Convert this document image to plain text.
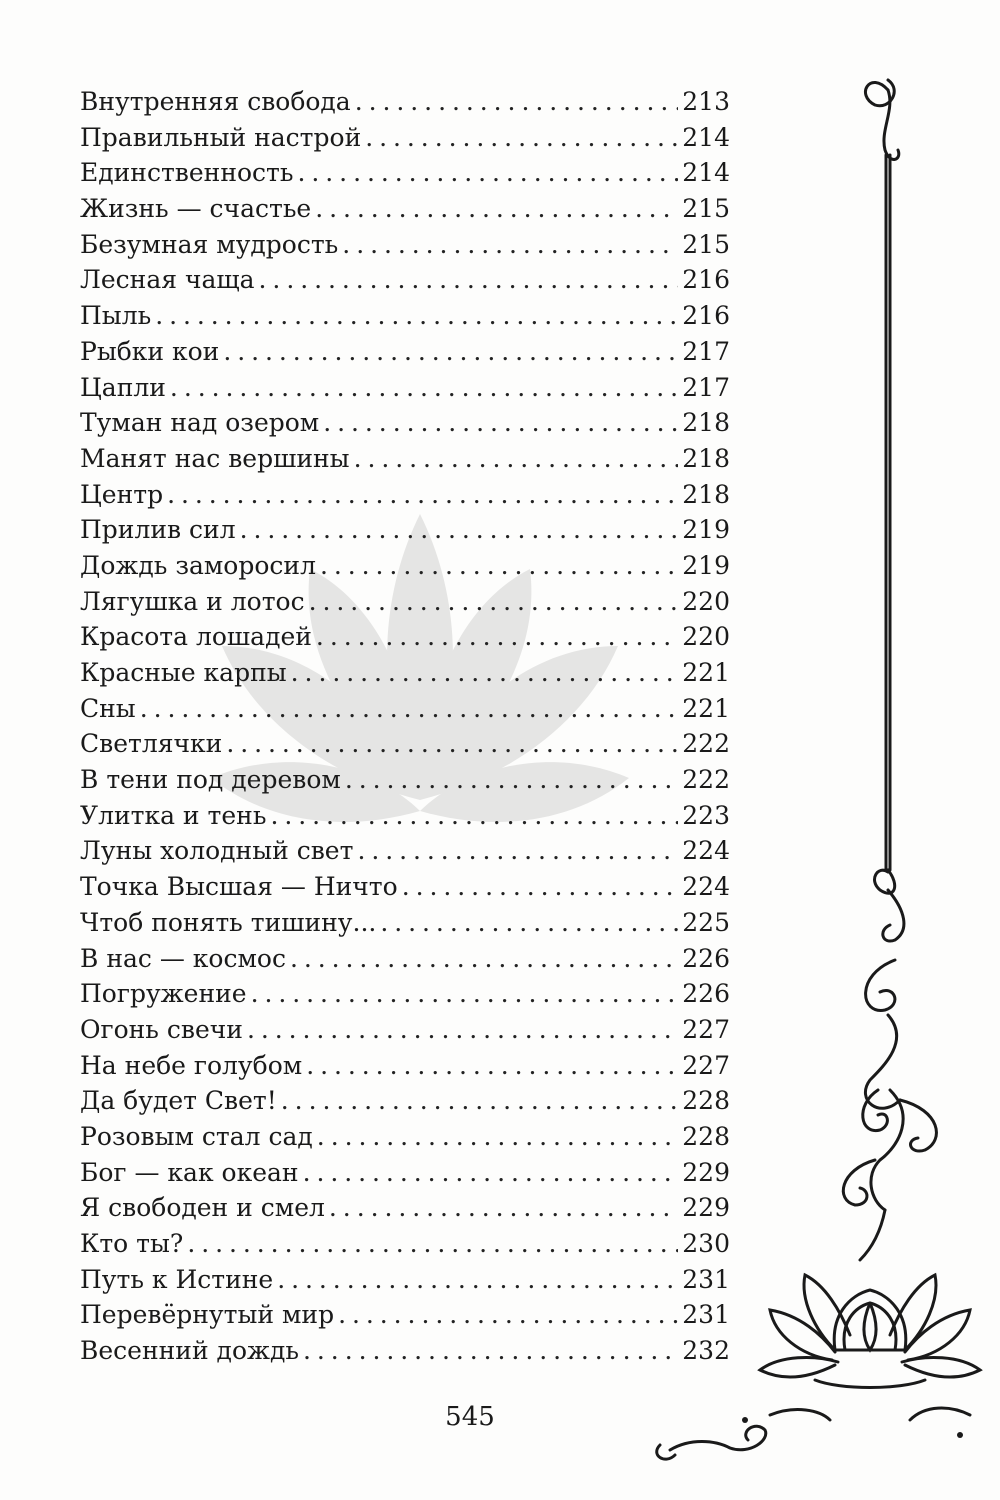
Внутренняя свобода . . .	213
Правильный настрой . . .	214
Единственность . . .	214
Жизнь — счастье . . .	215
Безумная мудрость . . .	215
Лесная чаща . . .	216
Пыль . . .	216
Рыбки кои . . .	217
Цапли . . .	217
Туман над озером . . .	218
Манят нас вершины . . .	218
Центр . . .	218
Прилив сил . . .	219
Дождь заморосил . . .	219
Лягушка и лотос . . .	220
Красота лошадей . . .	220
Красные карпы . . .	221
Сны . . .	221
Светлячки . . .	222
В тени под деревом . . .	222
Улитка и тень . . .	223
Луны холодный свет . . .	224
Точка Высшая — Ничто . . .	224
Чтоб понять тишину... . . .	225
В нас — космос . . .	226
Погружение . . .	226
Огонь свечи . . .	227
На небе голубом . . .	227
Да будет Свет! . . .	228
Розовым стал сад . . .	228
Бог — как океан . . .	229
Я свободен и смел . . .	229
Кто ты? . . .	230
Путь к Истине . . .	231
Перевёрнутый мир . . .	231
Весенний дождь . . .	232
545
